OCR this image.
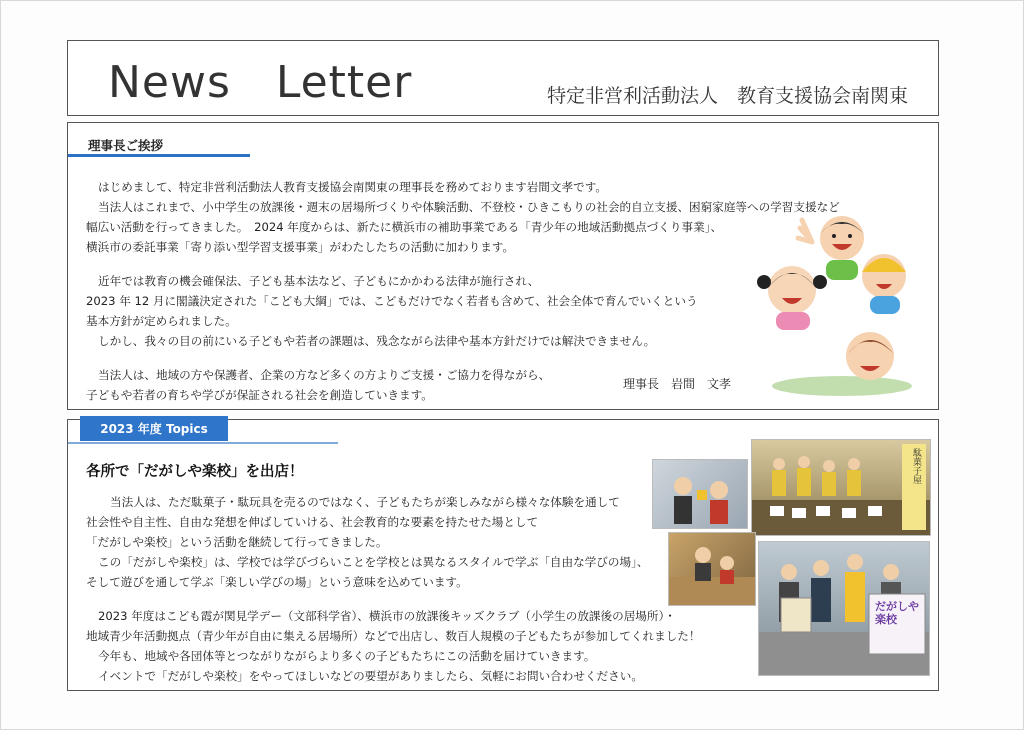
News   Letter	特定非営利活動法人　教育支援協会南関東
理事長ご挨拶

はじめまして、特定非営利活動法人教育支援協会南関東の理事長を務めております岩間文孝です。

当法人はこれまで、小中学生の放課後・週末の居場所づくりや体験活動、不登校・ひきこもりの社会的自立支援、困窮家庭等への学習支援など

幅広い活動を行ってきました。　2024 年度からは、新たに横浜市の補助事業である「青少年の地域活動拠点づくり事業」、

横浜市の委託事業「寄り添い型学習支援事業」がわたしたちの活動に加わります。

近年では教育の機会確保法、子ども基本法など、子どもにかかわる法律が施行され、

2023 年 12 月に閣議決定された「こども大綱」では、こどもだけでなく若者も含めて、社会全体で育んでいくという

基本方針が定められました。

しかし、我々の目の前にいる子どもや若者の課題は、残念ながら法律や基本方針だけでは解決できません。

当法人は、地域の方や保護者、企業の方など多くの方よりご支援・ご協力を得ながら、

子どもや若者の育ちや学びが保証される社会を創造していきます。

理事長　岩間　文孝
2023 年度 Topics
各所で「だがしや楽校」を出店！

当法人は、ただ駄菓子・駄玩具を売るのではなく、子どもたちが楽しみながら様々な体験を通して

社会性や自主性、自由な発想を伸ばしていける、社会教育的な要素を持たせた場として

「だがしや楽校」という活動を継続して行ってきました。

この「だがしや楽校」は、学校では学びづらいことを学校とは異なるスタイルで学ぶ「自由な学びの場」、

そして遊びを通して学ぶ「楽しい学びの場」という意味を込めています。

2023 年度はこども霞が関見学デー（文部科学省）、横浜市の放課後キッズクラブ（小学生の放課後の居場所）・

地域青少年活動拠点（青少年が自由に集える居場所）などで出店し、数百人規模の子どもたちが参加してくれました！

今年も、地域や各団体等とつながりながらより多くの子どもたちにこの活動を届けていきます。

イベントで「だがしや楽校」をやってほしいなどの要望がありましたら、気軽にお問い合わせください。

駄菓子屋
だがしや楽校
